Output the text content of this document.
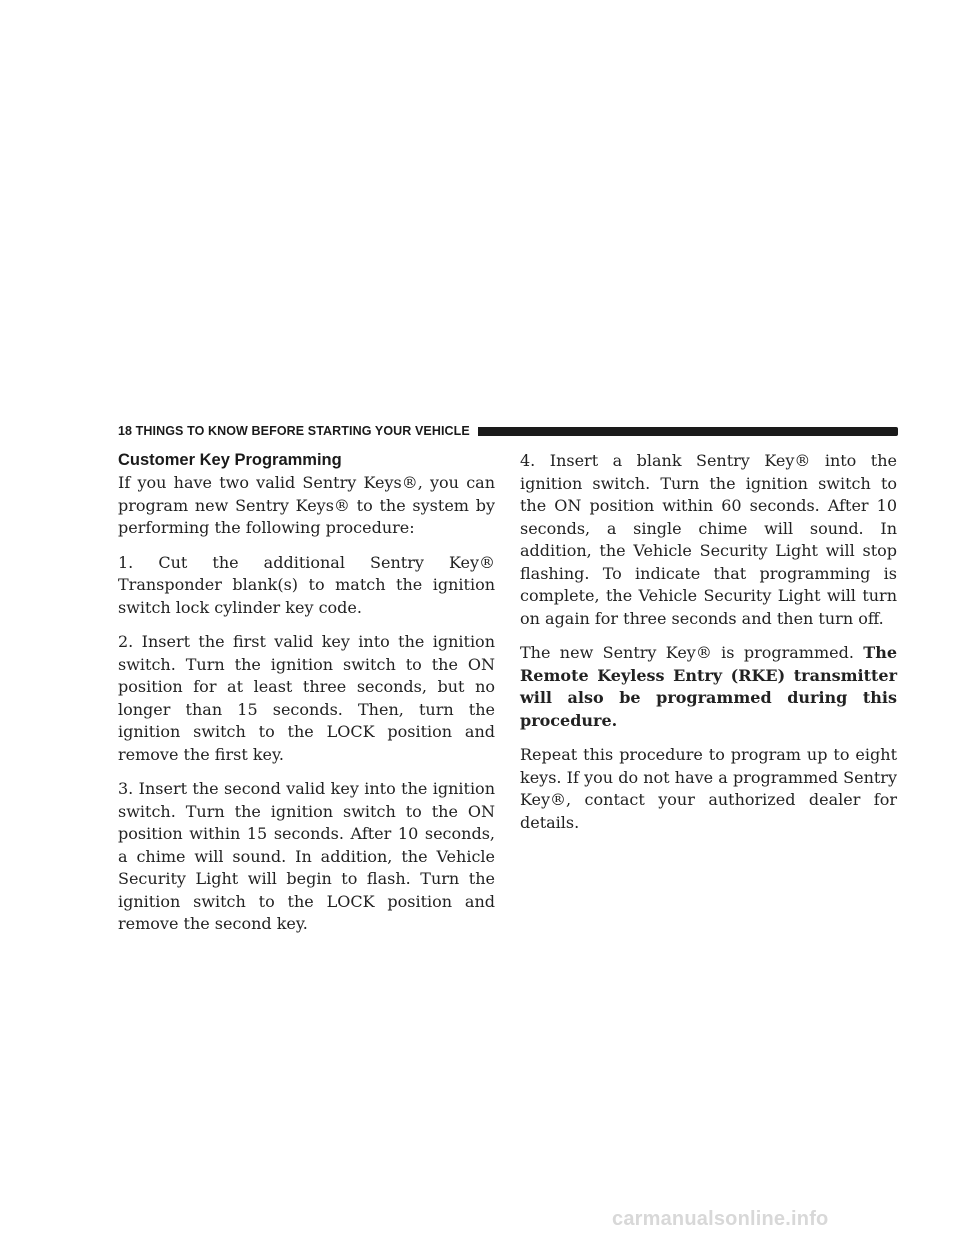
18 THINGS TO KNOW BEFORE STARTING YOUR VEHICLE
Customer Key Programming

If you have two valid Sentry Keys®, you can program new Sentry Keys® to the system by performing the following procedure:

1. Cut the additional Sentry Key® Transponder blank(s) to match the ignition switch lock cylinder key code.

2. Insert the first valid key into the ignition switch. Turn the ignition switch to the ON position for at least three seconds, but no longer than 15 seconds. Then, turn the ignition switch to the LOCK position and remove the first key.

3. Insert the second valid key into the ignition switch. Turn the ignition switch to the ON position within 15 seconds. After 10 seconds, a chime will sound. In addition, the Vehicle Security Light will begin to flash. Turn the ignition switch to the LOCK position and remove the second key.

4. Insert a blank Sentry Key® into the ignition switch. Turn the ignition switch to the ON position within 60 seconds. After 10 seconds, a single chime will sound. In addition, the Vehicle Security Light will stop flashing. To indicate that programming is complete, the Vehicle Security Light will turn on again for three seconds and then turn off.

The new Sentry Key® is programmed. The Remote Keyless Entry (RKE) transmitter will also be programmed during this procedure.

Repeat this procedure to program up to eight keys. If you do not have a programmed Sentry Key®, contact your authorized dealer for details.

carmanualsonline.info
